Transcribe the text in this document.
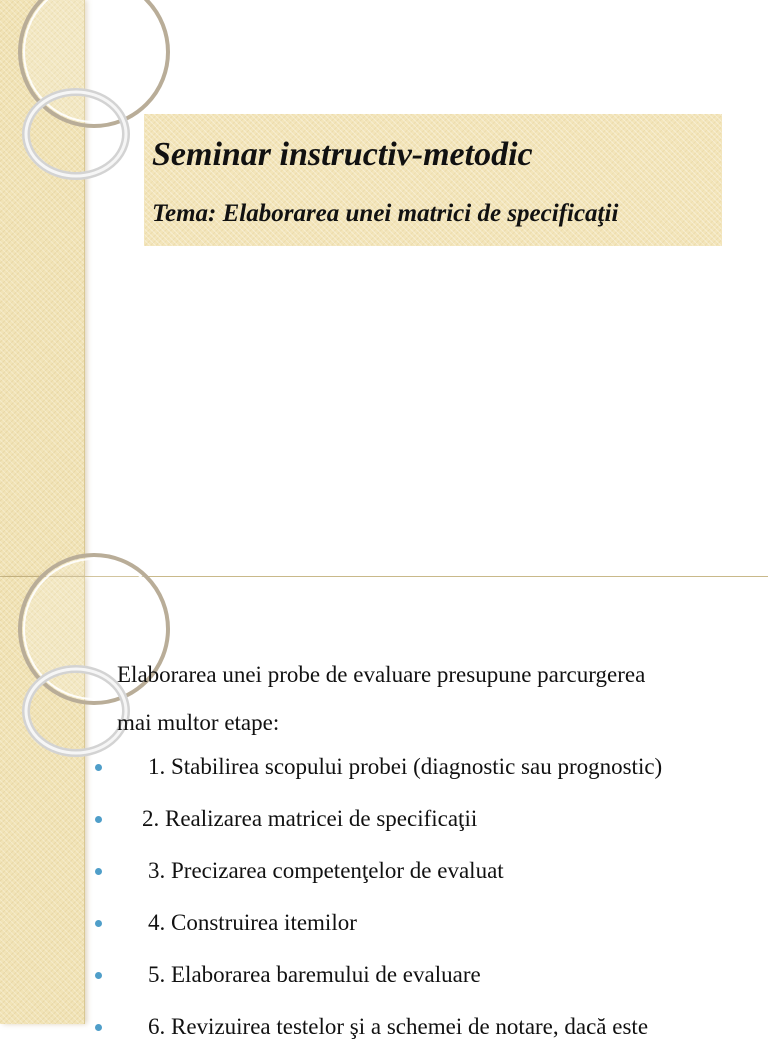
Seminar instructiv-metodic

Tema: Elaborarea unei matrici de specificaţii

Elaborarea unei probe de evaluare presupune parcurgerea
mai multor etape:

1. Stabilirea scopului probei (diagnostic sau prognostic)
2. Realizarea matricei de specificaţii
3. Precizarea competenţelor de evaluat
4. Construirea itemilor
5. Elaborarea baremului de evaluare
6. Revizuirea testelor şi a schemei de notare, dacă este
